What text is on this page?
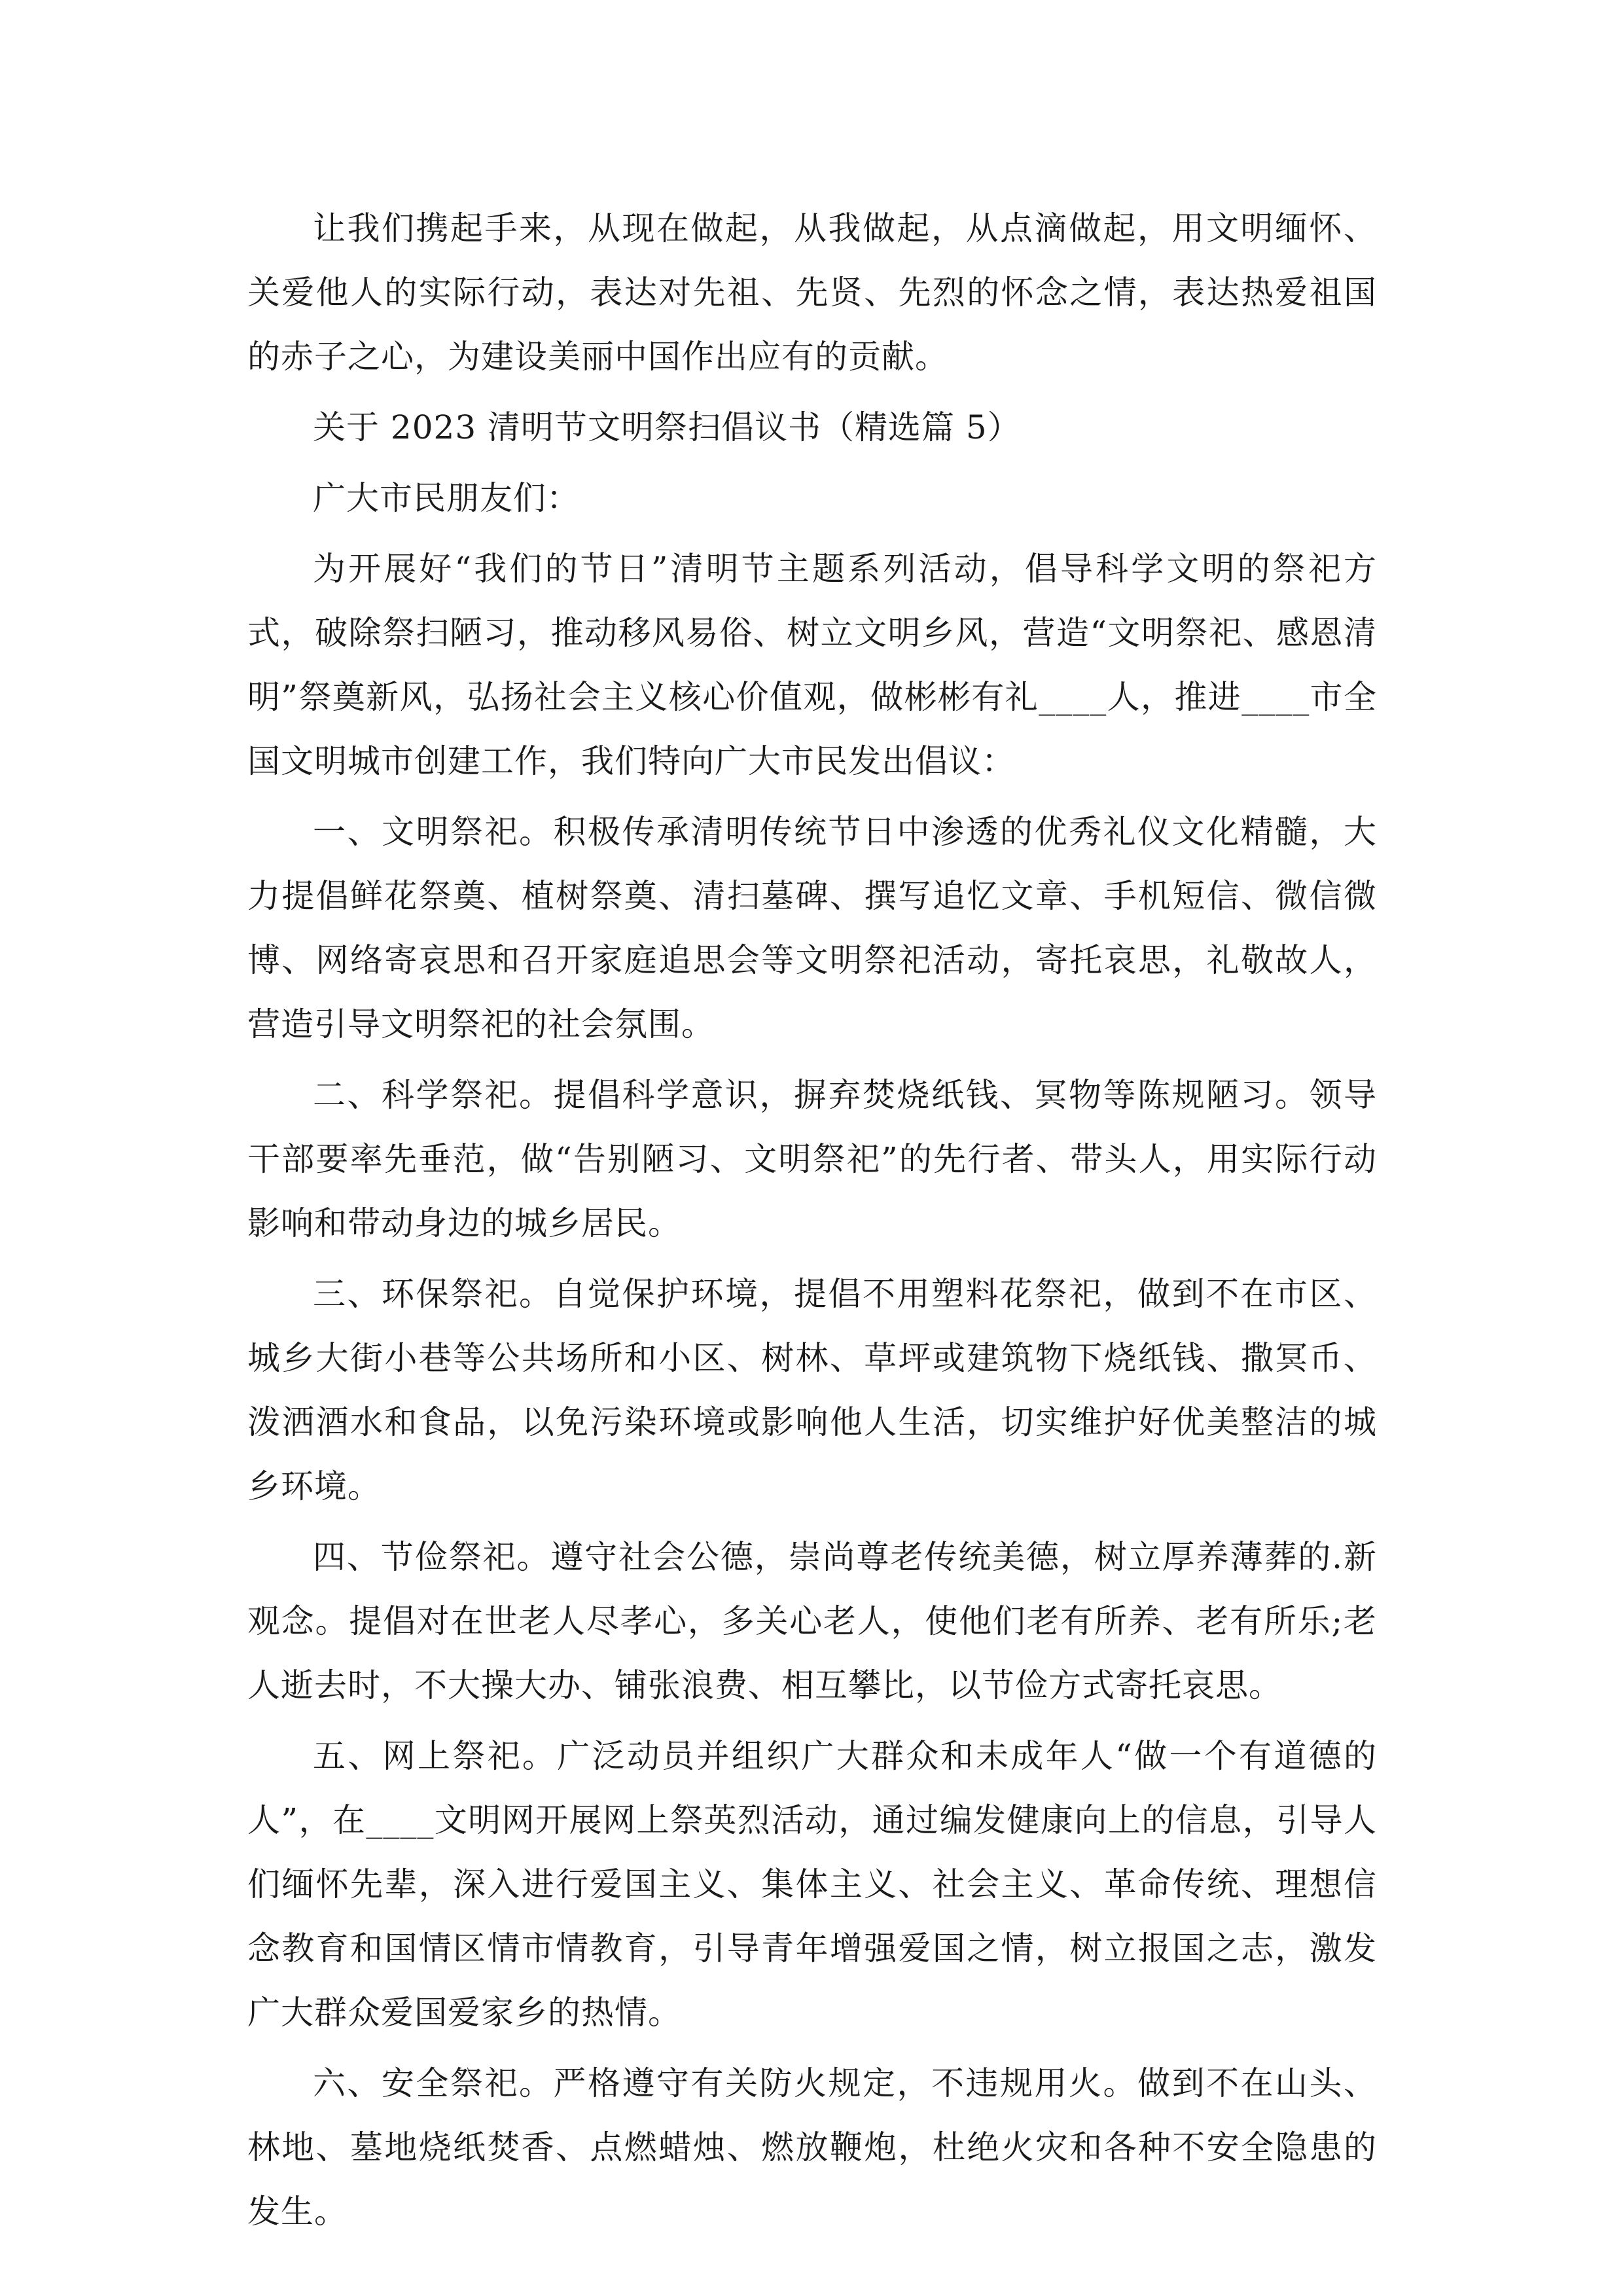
让我们携起手来，从现在做起，从我做起，从点滴做起，用文明缅怀、关爱他人的实际行动，表达对先祖、先贤、先烈的怀念之情，表达热爱祖国的赤子之心，为建设美丽中国作出应有的贡献。

关于 2023 清明节文明祭扫倡议书（精选篇 5）

广大市民朋友们：

为开展好“我们的节日”清明节主题系列活动，倡导科学文明的祭祀方式，破除祭扫陋习，推动移风易俗、树立文明乡风，营造“文明祭祀、感恩清明”祭奠新风，弘扬社会主义核心价值观，做彬彬有礼____人，推进____市全国文明城市创建工作，我们特向广大市民发出倡议：

一、文明祭祀。积极传承清明传统节日中渗透的优秀礼仪文化精髓，大力提倡鲜花祭奠、植树祭奠、清扫墓碑、撰写追忆文章、手机短信、微信微博、网络寄哀思和召开家庭追思会等文明祭祀活动，寄托哀思，礼敬故人，营造引导文明祭祀的社会氛围。

二、科学祭祀。提倡科学意识，摒弃焚烧纸钱、冥物等陈规陋习。领导干部要率先垂范，做“告别陋习、文明祭祀”的先行者、带头人，用实际行动影响和带动身边的城乡居民。

三、环保祭祀。自觉保护环境，提倡不用塑料花祭祀，做到不在市区、城乡大街小巷等公共场所和小区、树林、草坪或建筑物下烧纸钱、撒冥币、泼洒酒水和食品，以免污染环境或影响他人生活，切实维护好优美整洁的城乡环境。

四、节俭祭祀。遵守社会公德，崇尚尊老传统美德，树立厚养薄葬的.新观念。提倡对在世老人尽孝心，多关心老人，使他们老有所养、老有所乐;老人逝去时，不大操大办、铺张浪费、相互攀比，以节俭方式寄托哀思。

五、网上祭祀。广泛动员并组织广大群众和未成年人“做一个有道德的人”，在____文明网开展网上祭英烈活动，通过编发健康向上的信息，引导人们缅怀先辈，深入进行爱国主义、集体主义、社会主义、革命传统、理想信念教育和国情区情市情教育，引导青年增强爱国之情，树立报国之志，激发广大群众爱国爱家乡的热情。

六、安全祭祀。严格遵守有关防火规定，不违规用火。做到不在山头、林地、墓地烧纸焚香、点燃蜡烛、燃放鞭炮，杜绝火灾和各种不安全隐患的发生。
